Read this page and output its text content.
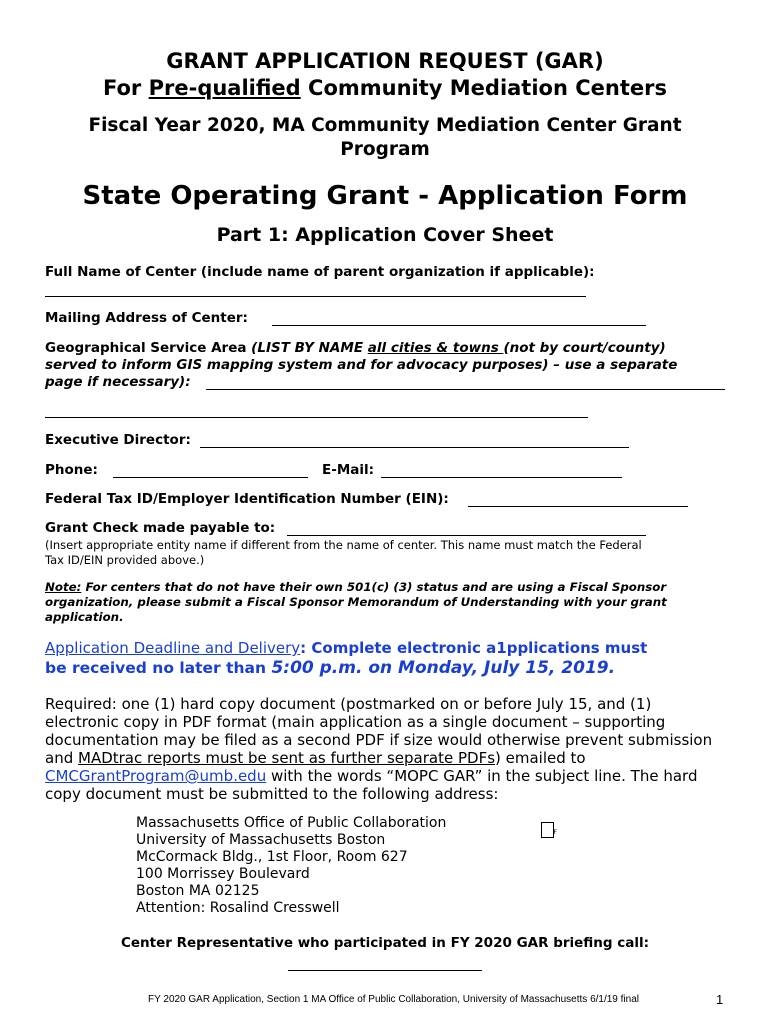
GRANT APPLICATION REQUEST (GAR)
For Pre-qualified Community Mediation Centers
Fiscal Year 2020, MA Community Mediation Center Grant
Program
State Operating Grant - Application Form
Part 1: Application Cover Sheet
Full Name of Center (include name of parent organization if applicable):
Mailing Address of Center:
Geographical Service Area (LIST BY NAME all cities & towns (not by court/county)
served to inform GIS mapping system and for advocacy purposes) – use a separate
page if necessary):
Executive Director:
Phone:	E-Mail:
Federal Tax ID/Employer Identification Number (EIN):
Grant Check made payable to:
(Insert appropriate entity name if different from the name of center. This name must match the Federal
Tax ID/EIN provided above.)
Note: For centers that do not have their own 501(c) (3) status and are using a Fiscal Sponsor
organization, please submit a Fiscal Sponsor Memorandum of Understanding with your grant
application.
Application Deadline and Delivery: Complete electronic a1pplications must
be received no later than 5:00 p.m. on Monday, July 15, 2019.
Required: one (1) hard copy document (postmarked on or before July 15, and (1)
electronic copy in PDF format (main application as a single document – supporting
documentation may be filed as a second PDF if size would otherwise prevent submission
and MADtrac reports must be sent as further separate PDFs) emailed to
CMCGrantProgram@umb.edu with the words “MOPC GAR” in the subject line. The hard
copy document must be submitted to the following address:
Massachusetts Office of Public Collaboration
University of Massachusetts Boston
McCormack Bldg., 1st Floor, Room 627
100 Morrissey Boulevard
Boston MA 02125
Attention: Rosalind Cresswell
F
Center Representative who participated in FY 2020 GAR briefing call:
FY 2020 GAR Application, Section 1 MA Office of Public Collaboration, University of Massachusetts 6/1/19 final	1
